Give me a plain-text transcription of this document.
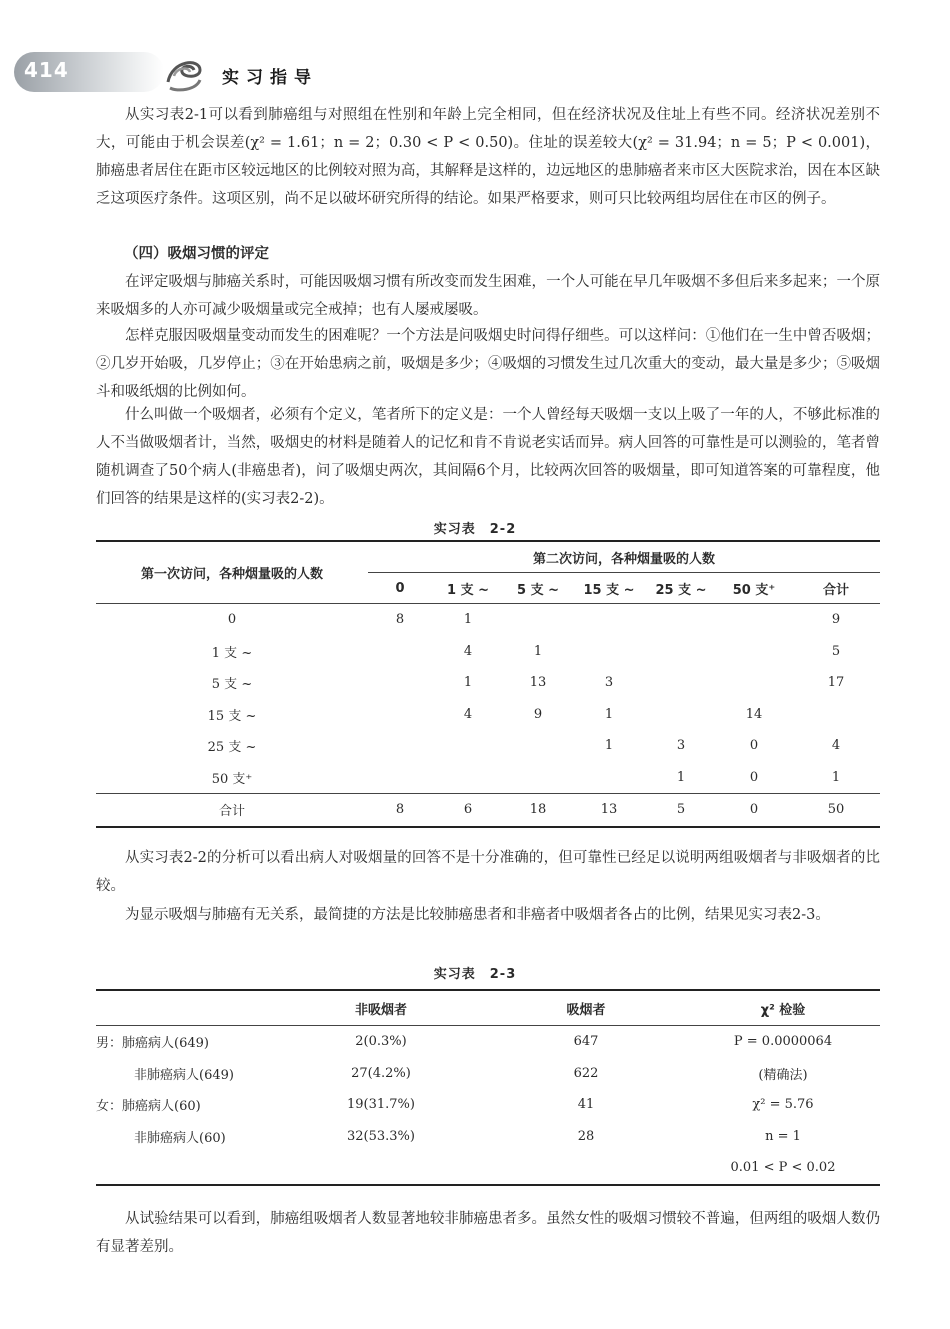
414	实习指导

从实习表2-1可以看到肺癌组与对照组在性别和年龄上完全相同，但在经济状况及住址上有些不同。经济状况差别不大，可能由于机会误差(χ² = 1.61；n = 2；0.30 < P < 0.50)。住址的误差较大(χ² = 31.94；n = 5；P < 0.001)，肺癌患者居住在距市区较远地区的比例较对照为高，其解释是这样的，边远地区的患肺癌者来市区大医院求治，因在本区缺乏这项医疗条件。这项区别，尚不足以破坏研究所得的结论。如果严格要求，则可只比较两组均居住在市区的例子。

（四）吸烟习惯的评定

在评定吸烟与肺癌关系时，可能因吸烟习惯有所改变而发生困难，一个人可能在早几年吸烟不多但后来多起来；一个原来吸烟多的人亦可减少吸烟量或完全戒掉；也有人屡戒屡吸。

怎样克服因吸烟量变动而发生的困难呢？一个方法是问吸烟史时问得仔细些。可以这样问：①他们在一生中曾否吸烟；②几岁开始吸，几岁停止；③在开始患病之前，吸烟是多少；④吸烟的习惯发生过几次重大的变动，最大量是多少；⑤吸烟斗和吸纸烟的比例如何。

什么叫做一个吸烟者，必须有个定义，笔者所下的定义是：一个人曾经每天吸烟一支以上吸了一年的人，不够此标准的人不当做吸烟者计，当然，吸烟史的材料是随着人的记忆和肯不肯说老实话而异。病人回答的可靠性是可以测验的，笔者曾随机调查了50个病人(非癌患者)，问了吸烟史两次，其间隔6个月，比较两次回答的吸烟量，即可知道答案的可靠程度，他们回答的结果是这样的(实习表2-2)。

实习表　2-2
第一次访问，各种烟量吸的人数	第二次访问，各种烟量吸的人数						
	0	1 支 ~	5 支 ~	15 支 ~	25 支 ~	50 支⁺	合计
0	8	1					9
1 支 ~		4	1				5
5 支 ~		1	13	3			17
15 支 ~		4	9	1		14	
25 支 ~				1	3	0	4
50 支⁺					1	0	1
合计	8	6	18	13	5	0	50

从实习表2-2的分析可以看出病人对吸烟量的回答不是十分准确的，但可靠性已经足以说明两组吸烟者与非吸烟者的比较。

为显示吸烟与肺癌有无关系，最简捷的方法是比较肺癌患者和非癌者中吸烟者各占的比例，结果见实习表2-3。

实习表　2-3
	非吸烟者	吸烟者	χ² 检验
男：肺癌病人(649)	2(0.3%)	647	P = 0.0000064
非肺癌病人(649)	27(4.2%)	622	(精确法)
女：肺癌病人(60)	19(31.7%)	41	χ² = 5.76
非肺癌病人(60)	32(53.3%)	28	n = 1
			0.01 < P < 0.02

从试验结果可以看到，肺癌组吸烟者人数显著地较非肺癌患者多。虽然女性的吸烟习惯较不普遍，但两组的吸烟人数仍有显著差别。
